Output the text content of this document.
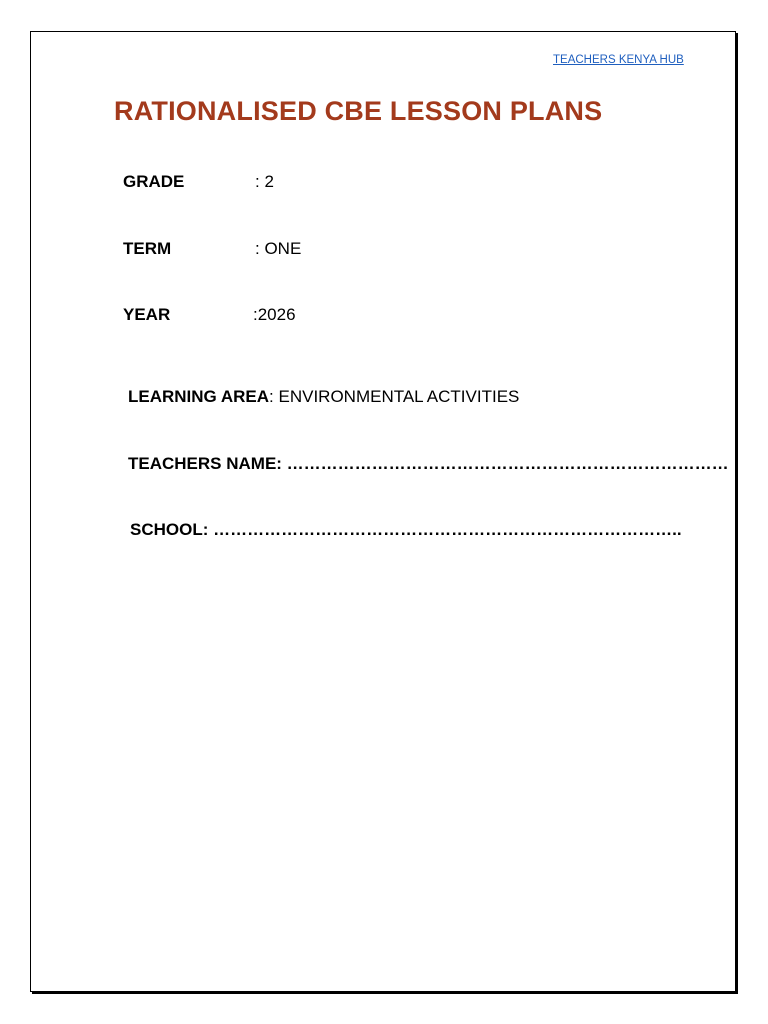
TEACHERS KENYA HUB
RATIONALISED CBE LESSON PLANS
GRADE	: 2
TERM	: ONE
YEAR	:2026
LEARNING AREA: ENVIRONMENTAL ACTIVITIES
TEACHERS NAME: ……………………………………………………………………
SCHOOL: ………………………………………………………………………..
